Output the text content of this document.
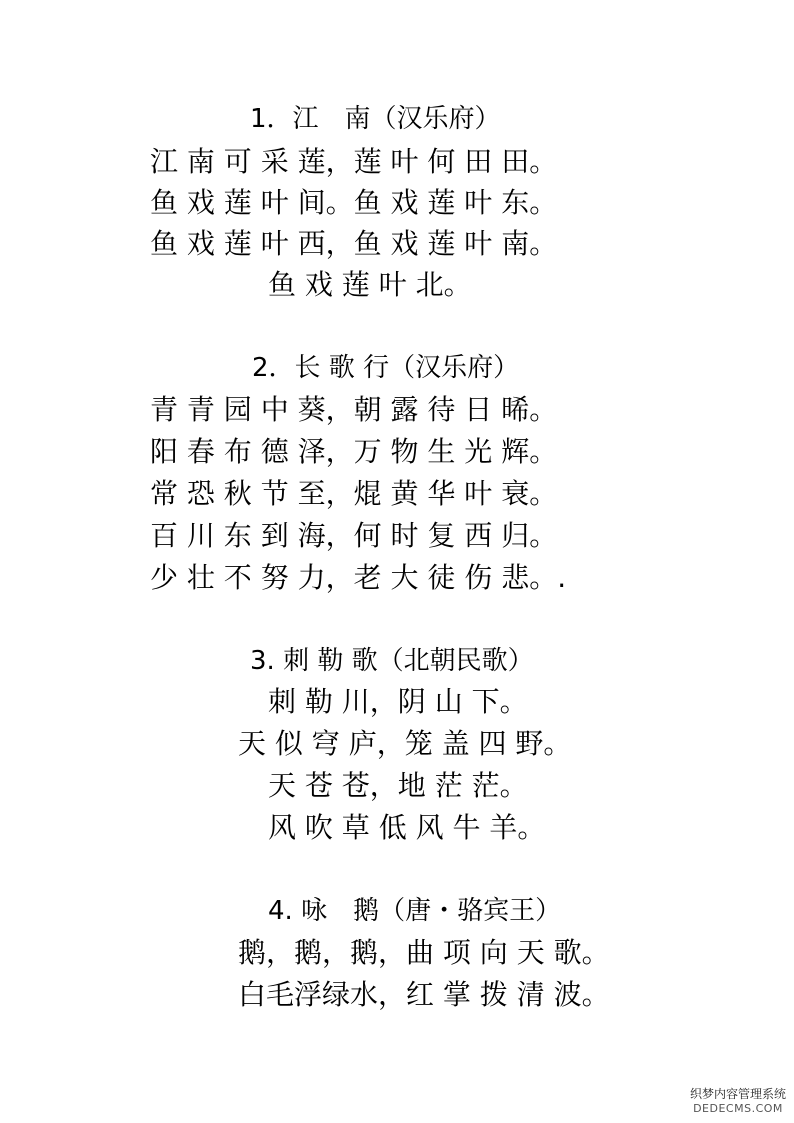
1．江　南（汉乐府）
江 南 可 采 莲，莲 叶 何 田 田。
鱼 戏 莲 叶 间。鱼 戏 莲 叶 东。
鱼 戏 莲 叶 西，鱼 戏 莲 叶 南。
鱼 戏 莲 叶 北。
2．长 歌 行（汉乐府）
青 青 园 中 葵，朝 露 待 日 晞。
阳 春 布 德 泽，万 物 生 光 辉。
常 恐 秋 节 至，焜 黄 华 叶 衰。
百 川 东 到 海，何 时 复 西 归。
少 壮 不 努 力，老 大 徒 伤 悲。.
3. 刺 勒 歌（北朝民歌）
刺 勒 川，阴 山 下。
天 似 穹 庐，笼 盖 四 野。
天 苍 苍，地 茫 茫。
风 吹 草 低 风 牛 羊。
4. 咏　鹅（唐・骆宾王）
鹅，鹅，鹅，曲 项 向 天 歌。
白毛浮绿水，红 掌 拨 清 波。
织梦内容管理系统
DEDECMS.COM
